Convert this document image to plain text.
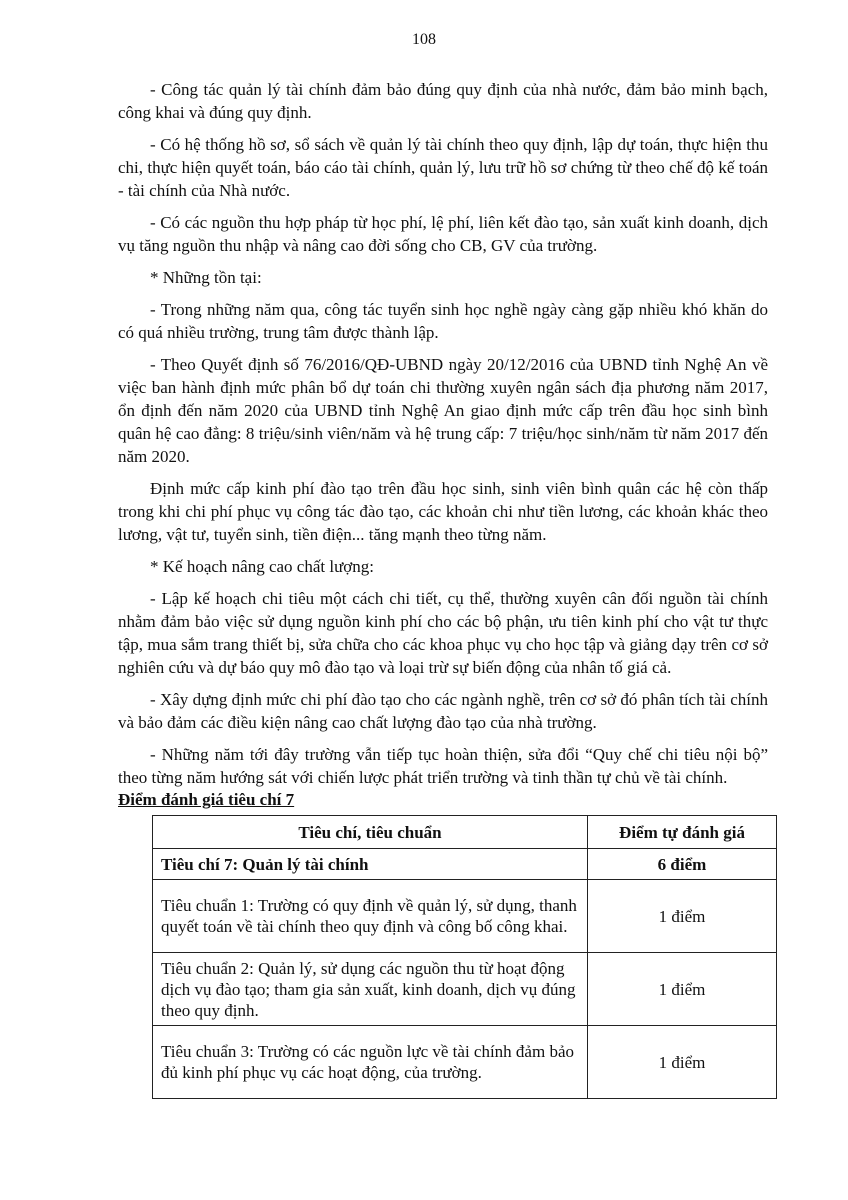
108

- Công tác quản lý tài chính đảm bảo đúng quy định của nhà nước, đảm bảo minh bạch, công khai và đúng quy định.

- Có hệ thống hồ sơ, sổ sách về quản lý tài chính theo quy định, lập dự toán, thực hiện thu chi, thực hiện quyết toán, báo cáo tài chính, quản lý, lưu trữ hồ sơ chứng từ theo chế độ kế toán - tài chính của Nhà nước.

- Có các nguồn thu hợp pháp từ học phí, lệ phí, liên kết đào tạo, sản xuất kinh doanh, dịch vụ tăng nguồn thu nhập và nâng cao đời sống cho CB, GV của trường.

* Những tồn tại:

- Trong những năm qua, công tác tuyển sinh học nghề ngày càng gặp nhiều khó khăn do có quá nhiều trường, trung tâm được thành lập.

- Theo Quyết định số 76/2016/QĐ-UBND ngày 20/12/2016 của UBND tỉnh Nghệ An về việc ban hành định mức phân bổ dự toán chi thường xuyên ngân sách địa phương năm 2017, ổn định đến năm 2020 của UBND tỉnh Nghệ An giao định mức cấp trên đầu học sinh bình quân hệ cao đẳng: 8 triệu/sinh viên/năm và hệ trung cấp: 7 triệu/học sinh/năm từ năm 2017 đến năm 2020.

Định mức cấp kinh phí đào tạo trên đầu học sinh, sinh viên bình quân các hệ còn thấp trong khi chi phí phục vụ công tác đào tạo, các khoản chi như tiền lương, các khoản khác theo lương, vật tư, tuyển sinh, tiền điện... tăng mạnh theo từng năm.

* Kế hoạch nâng cao chất lượng:

- Lập kế hoạch chi tiêu một cách chi tiết, cụ thể, thường xuyên cân đối nguồn tài chính nhằm đảm bảo việc sử dụng nguồn kinh phí cho các bộ phận, ưu tiên kinh phí cho vật tư thực tập, mua sắm trang thiết bị, sửa chữa cho các khoa phục vụ cho học tập và giảng dạy trên cơ sở nghiên cứu và dự báo quy mô đào tạo và loại trừ sự biến động của nhân tố giá cả.

- Xây dựng định mức chi phí đào tạo cho các ngành nghề, trên cơ sở đó phân tích tài chính và bảo đảm các điều kiện nâng cao chất lượng đào tạo của nhà trường.

- Những năm tới đây trường vẫn tiếp tục hoàn thiện, sửa đổi “Quy chế chi tiêu nội bộ” theo từng năm hướng sát với chiến lược phát triển trường và tinh thần tự chủ về tài chính.

Điểm đánh giá tiêu chí 7
Tiêu chí, tiêu chuẩn	Điểm tự đánh giá
Tiêu chí 7: Quản lý tài chính	6 điểm
Tiêu chuẩn 1: Trường có quy định về quản lý, sử dụng, thanh quyết toán về tài chính theo quy định và công bố công khai.	1 điểm
Tiêu chuẩn 2: Quản lý, sử dụng các nguồn thu từ hoạt động dịch vụ đào tạo; tham gia sản xuất, kinh doanh, dịch vụ đúng theo quy định.	1 điểm
Tiêu chuẩn 3: Trường có các nguồn lực về tài chính đảm bảo đủ kinh phí phục vụ các hoạt động, của trường.	1 điểm
